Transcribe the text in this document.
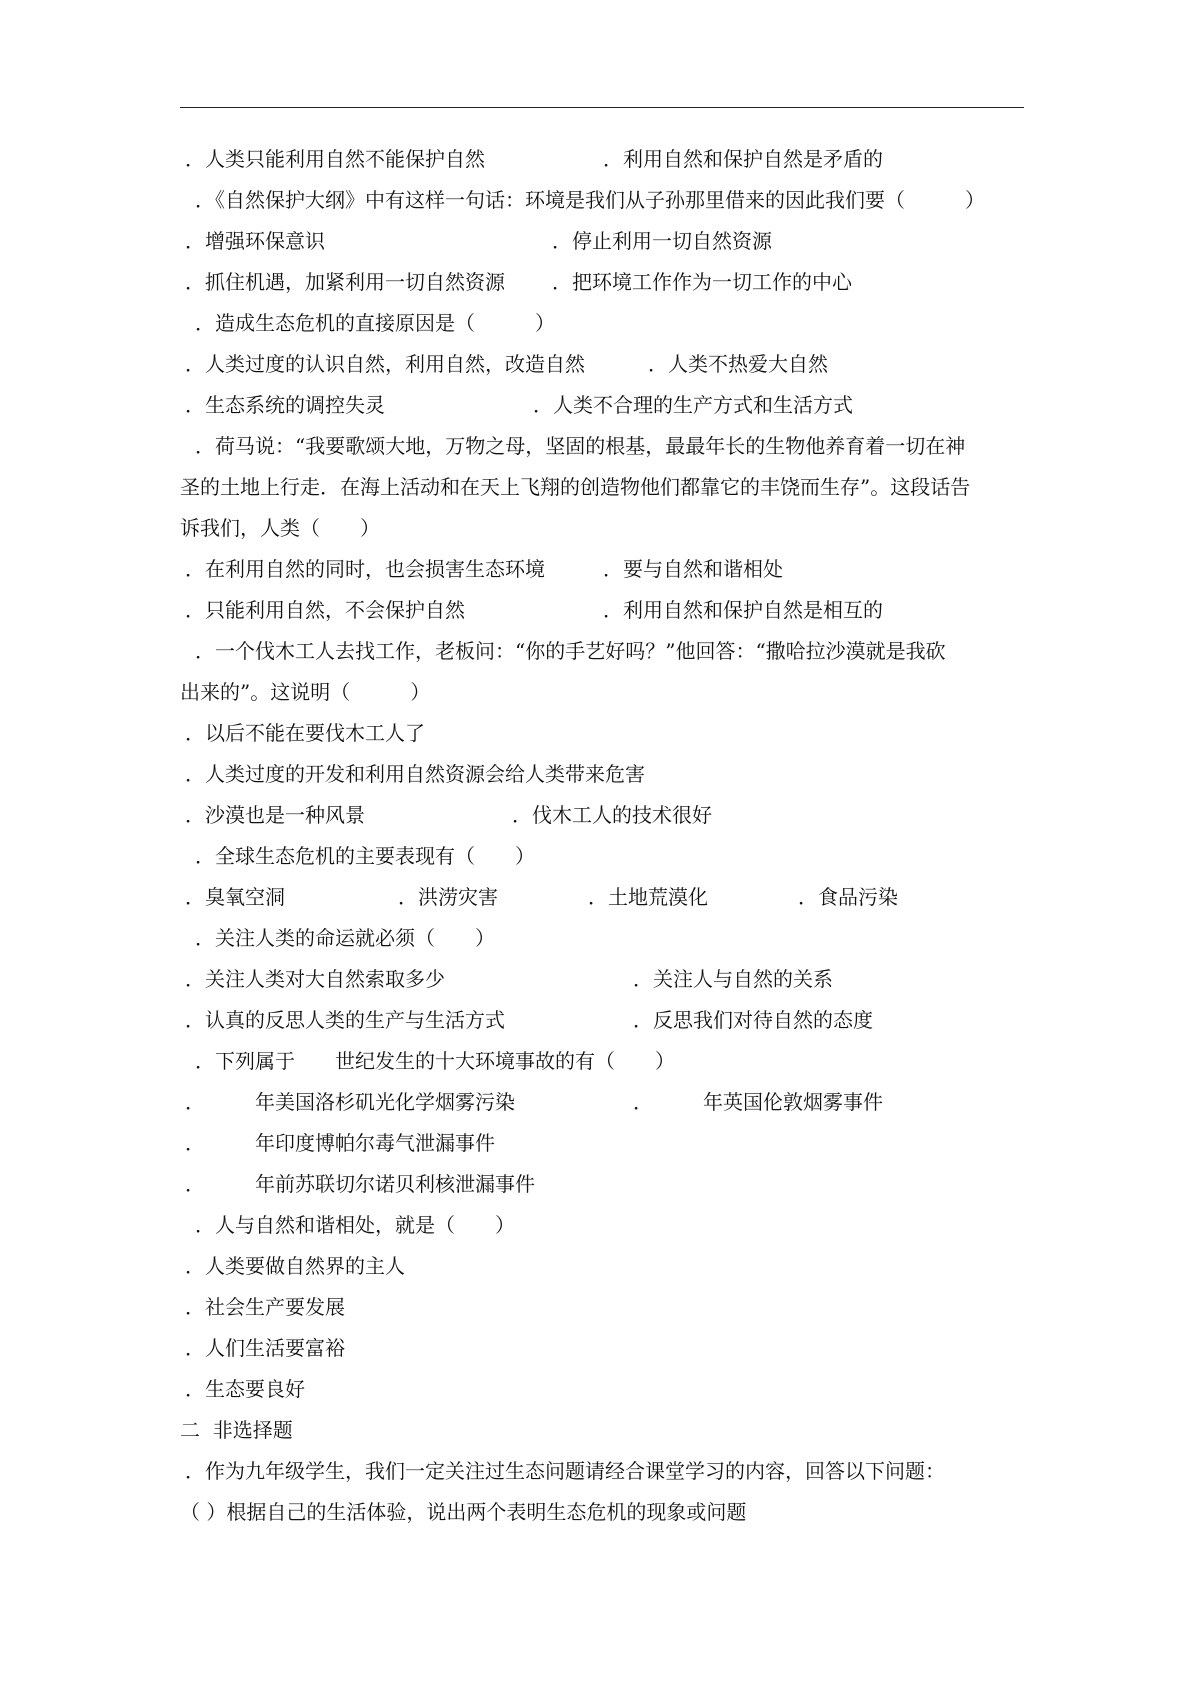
．人类只能利用自然不能保护自然	．利用自然和保护自然是矛盾的
．《自然保护大纲》中有这样一句话：环境是我们从子孙那里借来的因此我们要（　　　）
．增强环保意识	．停止利用一切自然资源
．抓住机遇，加紧利用一切自然资源 ．把环境工作作为一切工作的中心
．造成生态危机的直接原因是（　　　）
．人类过度的认识自然，利用自然，改造自然	．人类不热爱大自然
．生态系统的调控失灵	．人类不合理的生产方式和生活方式
．荷马说：“我要歌颂大地，万物之母，坚固的根基，最最年长的生物他养育着一切在神
圣的土地上行走．在海上活动和在天上飞翔的创造物他们都靠它的丰饶而生存”。这段话告
诉我们，人类（　　）
．在利用自然的同时，也会损害生态环境	．要与自然和谐相处
．只能利用自然，不会保护自然	．利用自然和保护自然是相互的
．一个伐木工人去找工作，老板问：“你的手艺好吗？”他回答：“撒哈拉沙漠就是我砍
出来的”。这说明（　　　）
．以后不能在要伐木工人了
．人类过度的开发和利用自然资源会给人类带来危害
．沙漠也是一种风景	．伐木工人的技术很好
．全球生态危机的主要表现有（　　）
．臭氧空洞	．洪涝灾害	．土地荒漠化	．食品污染
．关注人类的命运就必须（　　）
．关注人类对大自然索取多少	．关注人与自然的关系
．认真的反思人类的生产与生活方式	．反思我们对待自然的态度
．下列属于　　世纪发生的十大环境事故的有（　　）
．　　　年美国洛杉矶光化学烟雾污染	．　　　年英国伦敦烟雾事件
．　　　年印度博帕尔毒气泄漏事件
．　　　年前苏联切尔诺贝利核泄漏事件
．人与自然和谐相处，就是（　　）
．人类要做自然界的主人
．社会生产要发展
．人们生活要富裕
．生态要良好
二  非选择题
．作为九年级学生，我们一定关注过生态问题请经合课堂学习的内容，回答以下问题：
（ ）根据自己的生活体验，说出两个表明生态危机的现象或问题
